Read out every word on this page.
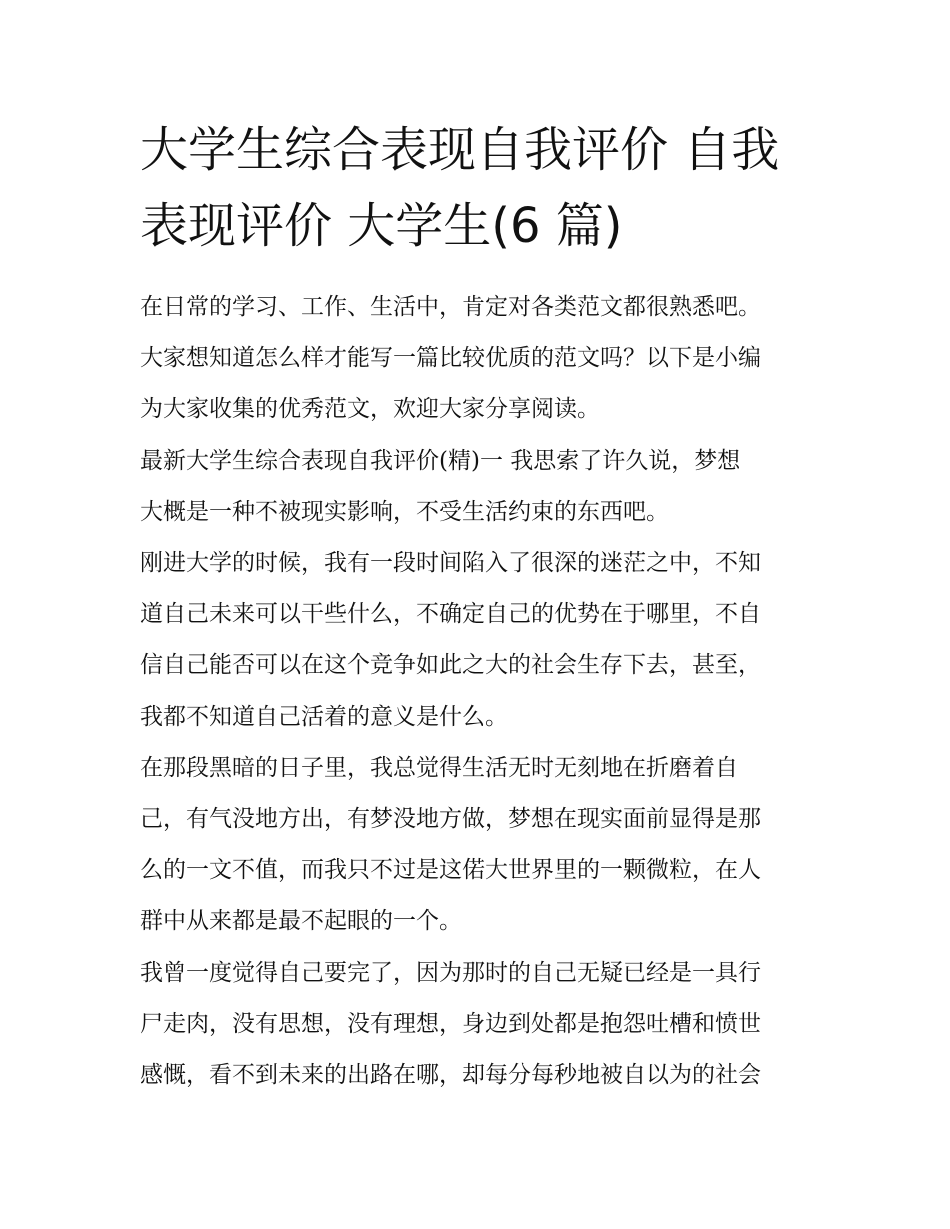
大学生综合表现自我评价 自我
表现评价 大学生(6 篇)

在日常的学习、工作、生活中，肯定对各类范文都很熟悉吧。
大家想知道怎么样才能写一篇比较优质的范文吗？以下是小编
为大家收集的优秀范文，欢迎大家分享阅读。

最新大学生综合表现自我评价(精)一 我思索了许久说，梦想
大概是一种不被现实影响，不受生活约束的东西吧。

刚进大学的时候，我有一段时间陷入了很深的迷茫之中，不知
道自己未来可以干些什么，不确定自己的优势在于哪里，不自
信自己能否可以在这个竞争如此之大的社会生存下去，甚至，
我都不知道自己活着的意义是什么。

在那段黑暗的日子里，我总觉得生活无时无刻地在折磨着自
己，有气没地方出，有梦没地方做，梦想在现实面前显得是那
么的一文不值，而我只不过是这偌大世界里的一颗微粒，在人
群中从来都是最不起眼的一个。

我曾一度觉得自己要完了，因为那时的自己无疑已经是一具行
尸走肉，没有思想，没有理想，身边到处都是抱怨吐槽和愤世
感慨，看不到未来的出路在哪，却每分每秒地被自以为的社会
